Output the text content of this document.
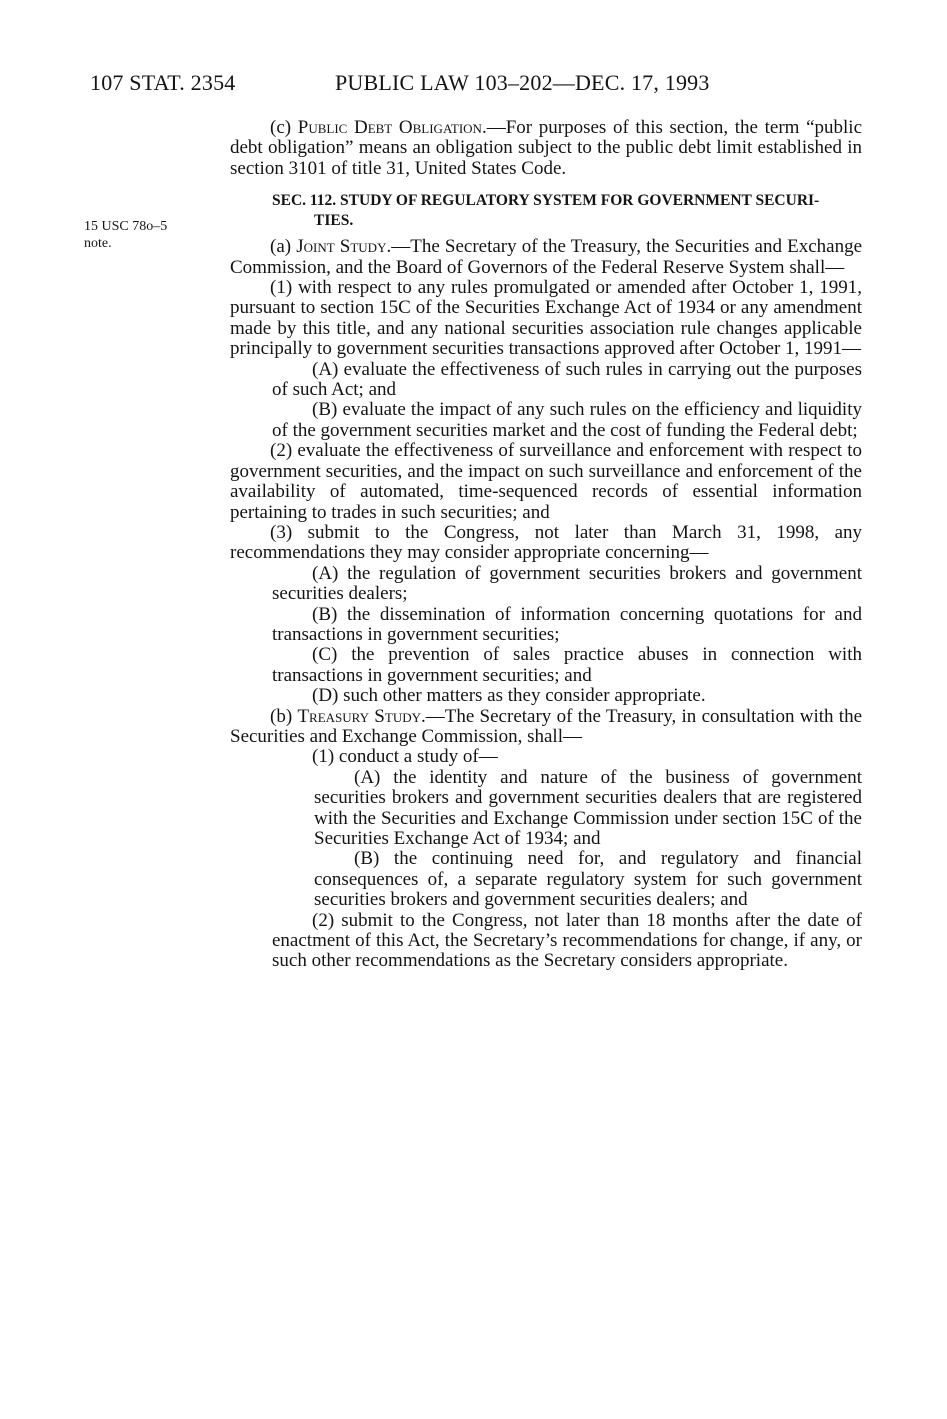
107 STAT. 2354	PUBLIC LAW 103–202—DEC. 17, 1993
15 USC 78o–5
note.

(c) Public Debt Obligation.—For purposes of this section, the term “public debt obligation” means an obligation subject to the public debt limit established in section 3101 of title 31, United States Code.

SEC. 112. STUDY OF REGULATORY SYSTEM FOR GOVERNMENT SECURI-
TIES.

(a) Joint Study.—The Secretary of the Treasury, the Securities and Exchange Commission, and the Board of Governors of the Federal Reserve System shall—

(1) with respect to any rules promulgated or amended after October 1, 1991, pursuant to section 15C of the Securities Exchange Act of 1934 or any amendment made by this title, and any national securities association rule changes applicable principally to government securities transactions approved after October 1, 1991—

(A) evaluate the effectiveness of such rules in carrying out the purposes of such Act; and

(B) evaluate the impact of any such rules on the efficiency and liquidity of the government securities market and the cost of funding the Federal debt;

(2) evaluate the effectiveness of surveillance and enforcement with respect to government securities, and the impact on such surveillance and enforcement of the availability of automated, time-sequenced records of essential information pertaining to trades in such securities; and

(3) submit to the Congress, not later than March 31, 1998, any recommendations they may consider appropriate concerning—

(A) the regulation of government securities brokers and government securities dealers;

(B) the dissemination of information concerning quotations for and transactions in government securities;

(C) the prevention of sales practice abuses in connection with transactions in government securities; and

(D) such other matters as they consider appropriate.

(b) Treasury Study.—The Secretary of the Treasury, in consultation with the Securities and Exchange Commission, shall—

(1) conduct a study of—

(A) the identity and nature of the business of government securities brokers and government securities dealers that are registered with the Securities and Exchange Commission under section 15C of the Securities Exchange Act of 1934; and

(B) the continuing need for, and regulatory and financial consequences of, a separate regulatory system for such government securities brokers and government securities dealers; and

(2) submit to the Congress, not later than 18 months after the date of enactment of this Act, the Secretary’s recommendations for change, if any, or such other recommendations as the Secretary considers appropriate.
